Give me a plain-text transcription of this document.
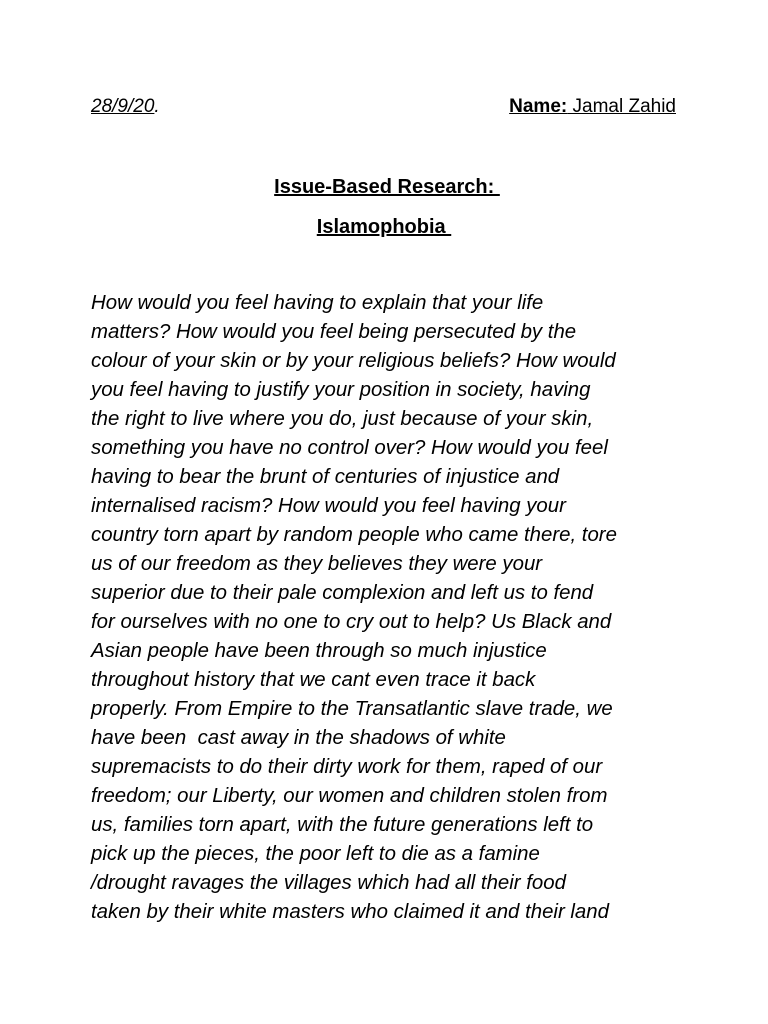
28/9/20.	Name: Jamal Zahid
Issue-Based Research:
Islamophobia
How would you feel having to explain that your life
matters? How would you feel being persecuted by the
colour of your skin or by your religious beliefs? How would
you feel having to justify your position in society, having
the right to live where you do, just because of your skin,
something you have no control over? How would you feel
having to bear the brunt of centuries of injustice and
internalised racism? How would you feel having your
country torn apart by random people who came there, tore
us of our freedom as they believes they were your
superior due to their pale complexion and left us to fend
for ourselves with no one to cry out to help? Us Black and
Asian people have been through so much injustice
throughout history that we cant even trace it back
properly. From Empire to the Transatlantic slave trade, we
have been  cast away in the shadows of white
supremacists to do their dirty work for them, raped of our
freedom; our Liberty, our women and children stolen from
us, families torn apart, with the future generations left to
pick up the pieces, the poor left to die as a famine
/drought ravages the villages which had all their food
taken by their white masters who claimed it and their land
